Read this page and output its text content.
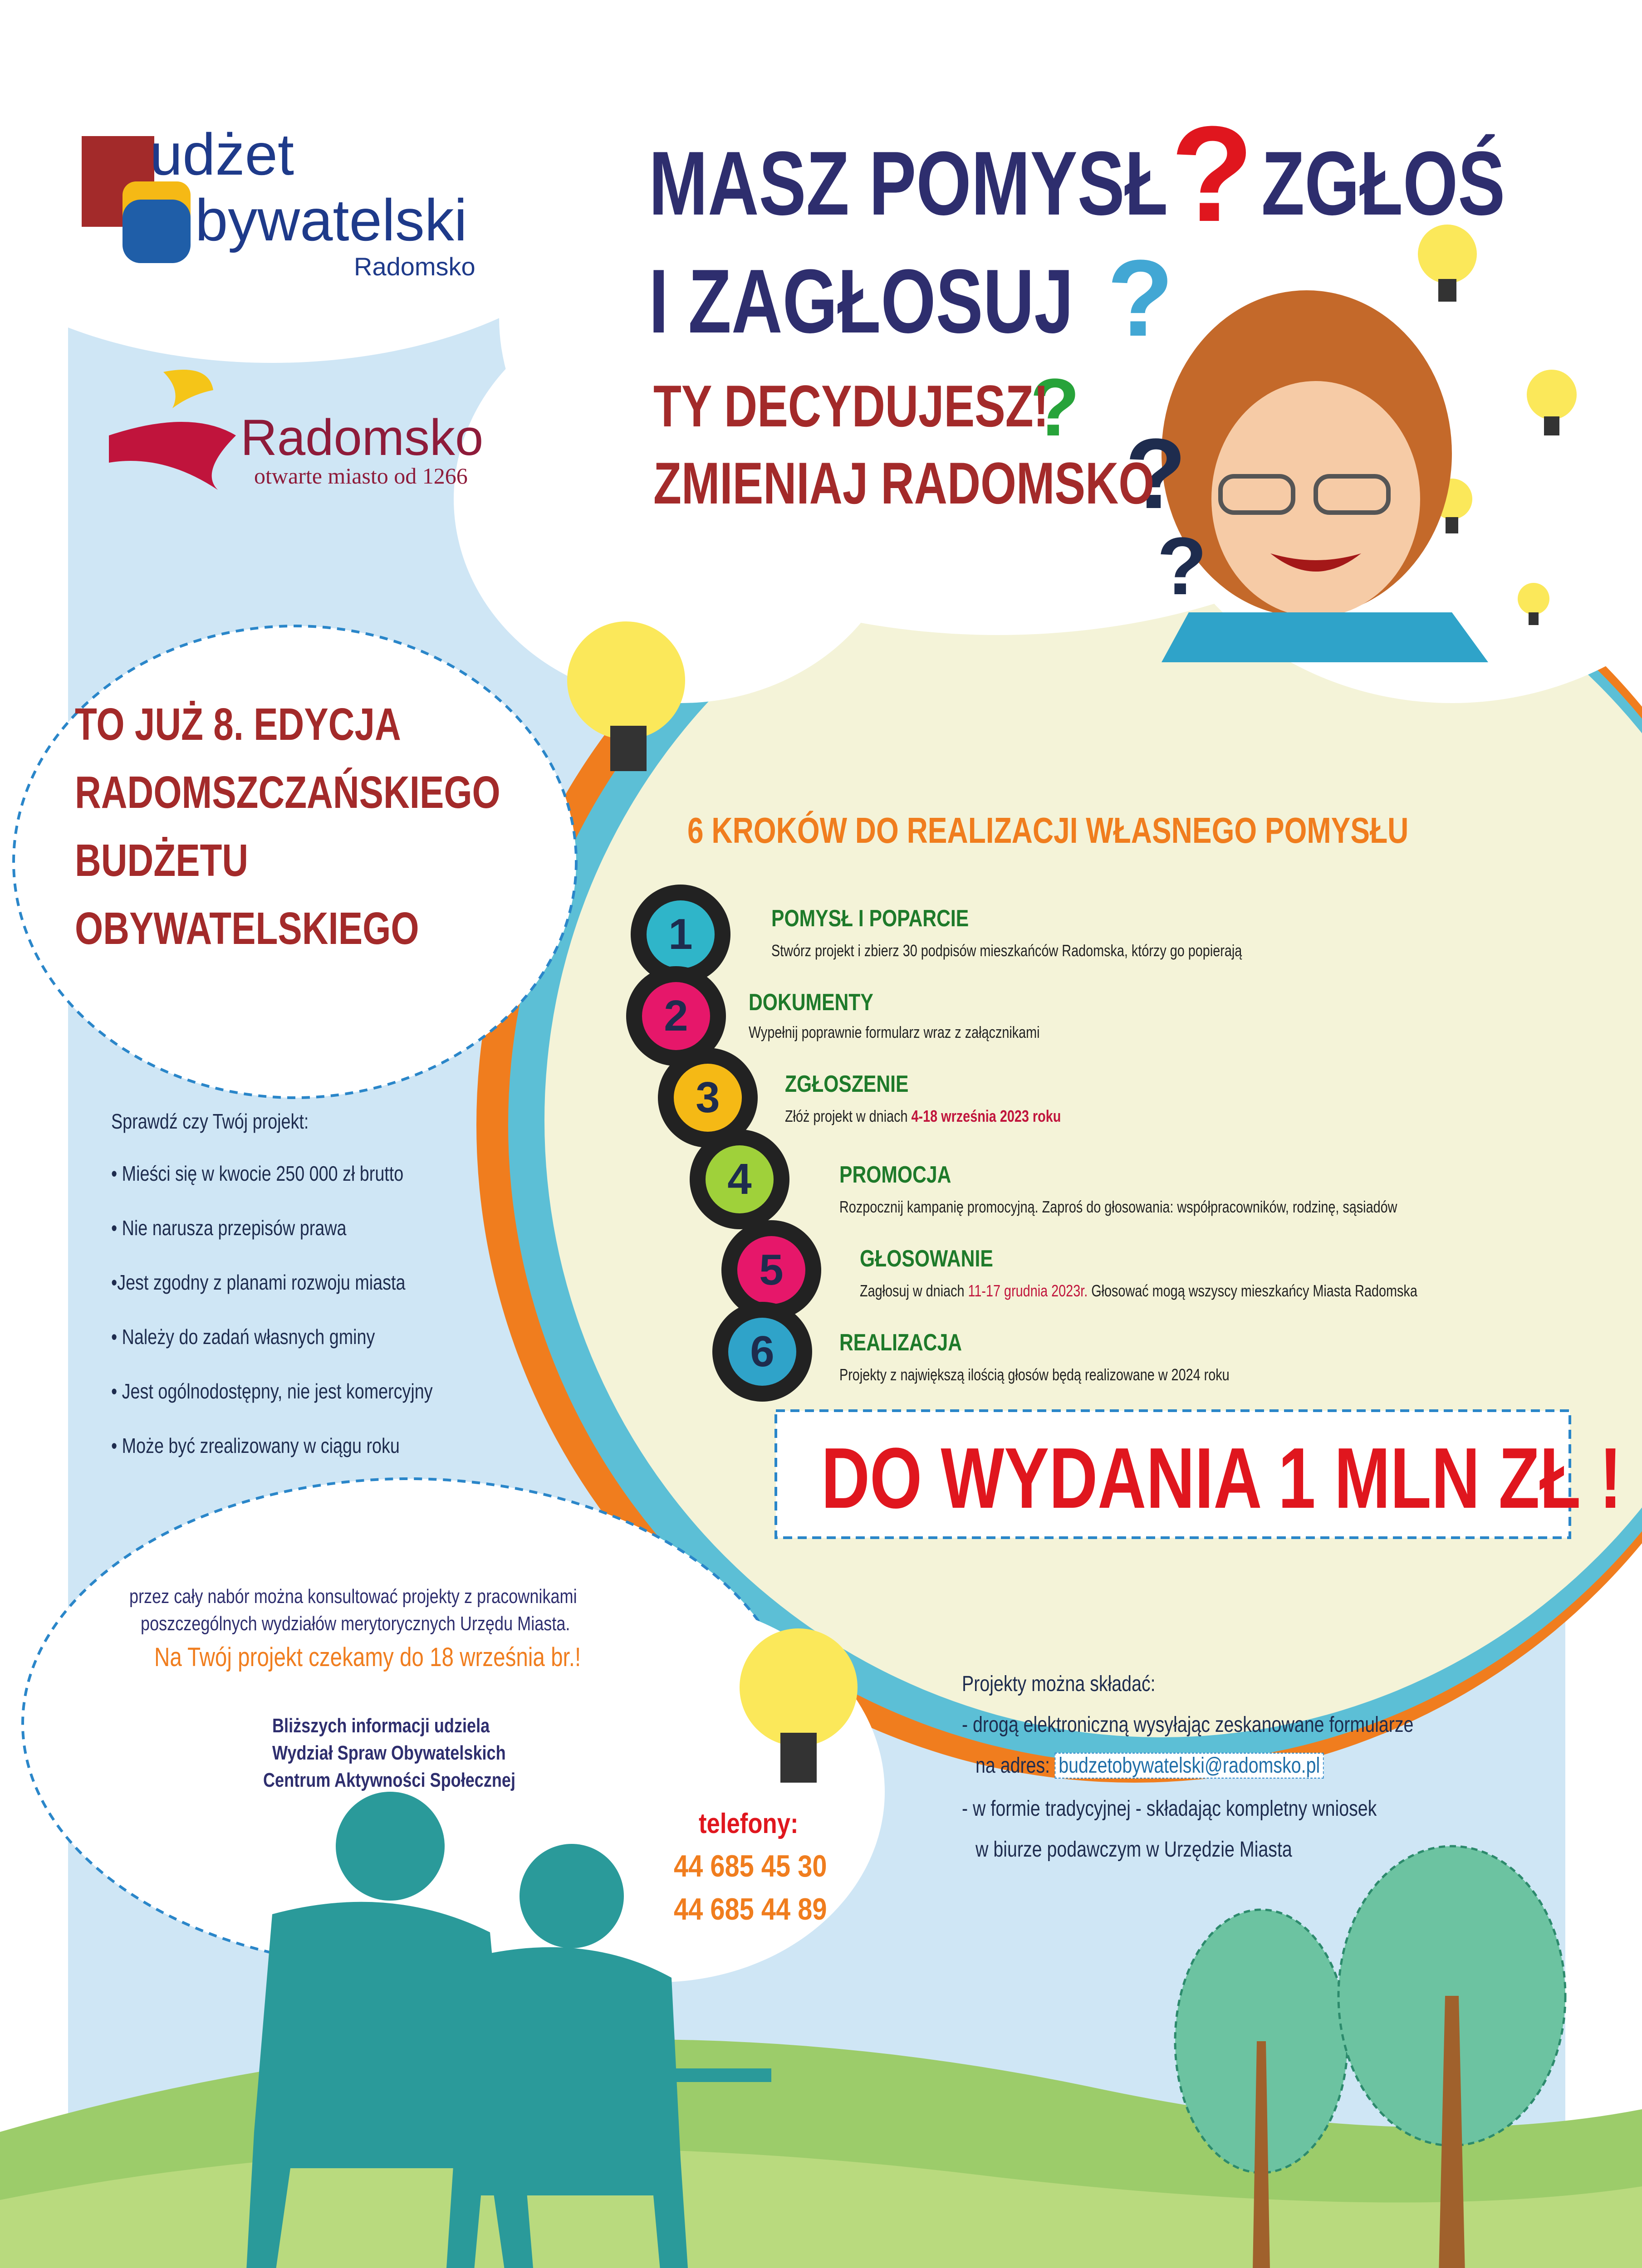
?
?
?
?
udżet
bywatelski
Radomsko
Radomsko
otwarte miasto od 1266
MASZ POMYSŁ ? ZGŁOŚ
I ZAGŁOSUJ
TY DECYDUJESZ!
ZMIENIAJ RADOMSKO
TO JUŻ 8. EDYCJA
RADOMSZCZAŃSKIEGO
BUDŻETU
OBYWATELSKIEGO
6 KROKÓW DO REALIZACJI WŁASNEGO POMYSŁU
1
2
3
4
5
6
POMYSŁ I POPARCIE
Stwórz projekt i zbierz 30 podpisów mieszkańców Radomska, którzy go popierają
DOKUMENTY
Wypełnij poprawnie formularz wraz z załącznikami
ZGŁOSZENIE
Złóż projekt w dniach 4-18 września 2023 roku
PROMOCJA
Rozpocznij kampanię promocyjną. Zaproś do głosowania: współpracowników, rodzinę, sąsiadów
GŁOSOWANIE
Zagłosuj w dniach 11-17 grudnia 2023r. Głosować mogą wszyscy mieszkańcy Miasta Radomska
REALIZACJA
Projekty z największą ilością głosów będą realizowane w 2024 roku
DO WYDANIA 1 MLN ZŁ !
Sprawdź czy Twój projekt:
• Mieści się w kwocie 250 000 zł brutto
• Nie narusza przepisów prawa
•Jest zgodny z planami rozwoju miasta
• Należy do zadań własnych gminy
• Jest ogólnodostępny, nie jest komercyjny
• Może być zrealizowany w ciągu roku
przez cały nabór można konsultować projekty z pracownikami
poszczególnych wydziałów merytorycznych Urzędu Miasta.
Na Twój projekt czekamy do 18 września br.!
Bliższych informacji udziela
Wydział Spraw Obywatelskich
Centrum Aktywności Społecznej
telefony:
44 685 45 30
44 685 44 89
Projekty można składać:
- drogą elektroniczną wysyłając zeskanowane formularze
na adres: budzetobywatelski@radomsko.pl
- w formie tradycyjnej - składając kompletny wniosek
w biurze podawczym w Urzędzie Miasta
